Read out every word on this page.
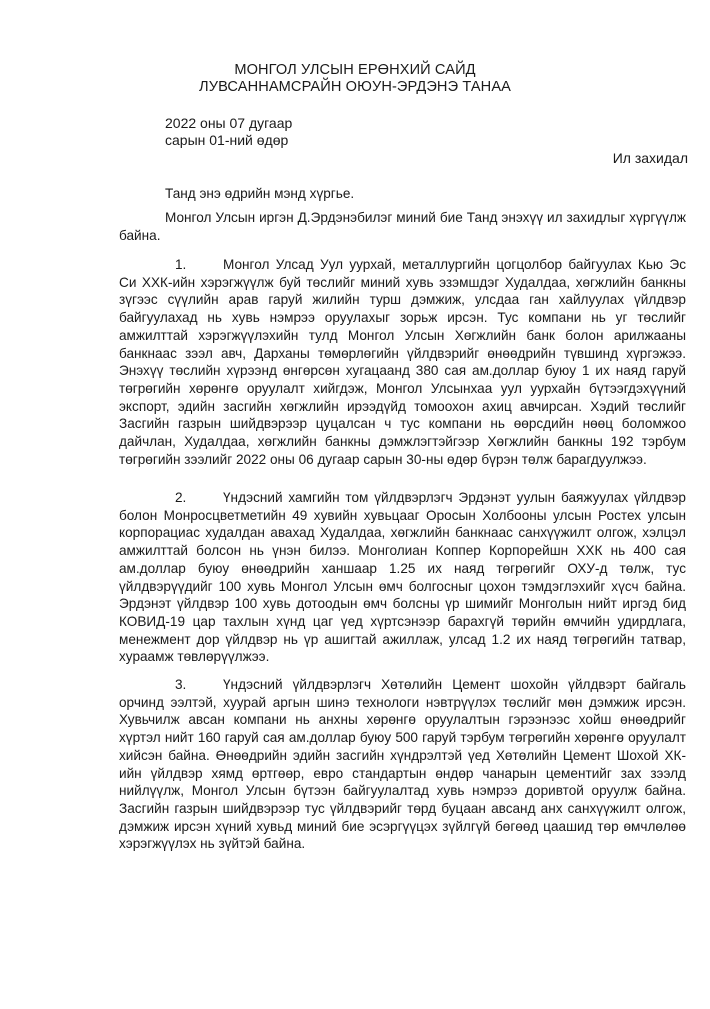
МОНГОЛ УЛСЫН ЕРӨНХИЙ САЙД
ЛУВСАННАМСРАЙН ОЮУН-ЭРДЭНЭ ТАНАА
2022 оны 07 дугаар
сарын 01-ний өдөр
Ил захидал
Танд энэ өдрийн мэнд хүргье.
Монгол Улсын иргэн Д.Эрдэнэбилэг миний бие Танд энэхүү ил захидлыг хүргүүлж байна.
1.	Монгол Улсад Уул уурхай, металлургийн цогцолбор байгуулах Кью Эс Си ХХК-ийн хэрэгжүүлж буй төслийг миний хувь эзэмшдэг Худалдаа, хөгжлийн банкны зүгээс сүүлийн арав гаруй жилийн турш дэмжиж, улсдаа ган хайлуулах үйлдвэр байгуулахад нь хувь нэмрээ оруулахыг зорьж ирсэн. Тус компани нь уг төслийг амжилттай хэрэгжүүлэхийн тулд Монгол Улсын Хөгжлийн банк болон арилжааны банкнаас зээл авч, Дарханы төмөрлөгийн үйлдвэрийг өнөөдрийн түвшинд хүргэжээ. Энэхүү төслийн хүрээнд өнгөрсөн хугацаанд 380 сая ам.доллар буюу 1 их наяд гаруй төгрөгийн хөрөнгө оруулалт хийгдэж, Монгол Улсынхаа уул уурхайн бүтээгдэхүүний экспорт, эдийн засгийн хөгжлийн ирээдүйд томоохон ахиц авчирсан. Хэдий төслийг Засгийн газрын шийдвэрээр цуцалсан ч тус компани нь өөрсдийн нөөц боломжоо дайчлан, Худалдаа, хөгжлийн банкны дэмжлэгтэйгээр Хөгжлийн банкны 192 тэрбум төгрөгийн зээлийг 2022 оны 06 дугаар сарын 30-ны өдөр бүрэн төлж барагдуулжээ.
2.	Үндэсний хамгийн том үйлдвэрлэгч Эрдэнэт уулын баяжуулах үйлдвэр болон Монросцветметийн 49 хувийн хувьцааг Оросын Холбооны улсын Ростех улсын корпорациас худалдан авахад Худалдаа, хөгжлийн банкнаас санхүүжилт олгож, хэлцэл амжилттай болсон нь үнэн билээ. Монголиан Коппер Корпорейшн ХХК нь 400 сая ам.доллар буюу өнөөдрийн ханшаар 1.25 их наяд төгрөгийг ОХУ-д төлж, тус үйлдвэрүүдийг 100 хувь Монгол Улсын өмч болгосныг цохон тэмдэглэхийг хүсч байна. Эрдэнэт үйлдвэр 100 хувь дотоодын өмч болсны үр шимийг Монголын нийт иргэд бид КОВИД-19 цар тахлын хүнд цаг үед хүртсэнээр барахгүй төрийн өмчийн удирдлага, менежмент дор үйлдвэр нь үр ашигтай ажиллаж, улсад 1.2 их наяд төгрөгийн татвар, хураамж төвлөрүүлжээ.
3.	Үндэсний үйлдвэрлэгч Хөтөлийн Цемент шохойн үйлдвэрт байгаль орчинд ээлтэй, хуурай аргын шинэ технологи нэвтрүүлэх төслийг мөн дэмжиж ирсэн. Хувьчилж авсан компани нь анхны хөрөнгө оруулалтын гэрээнээс хойш өнөөдрийг хүртэл нийт 160 гаруй сая ам.доллар буюу 500 гаруй тэрбум төгрөгийн хөрөнгө оруулалт хийсэн байна. Өнөөдрийн эдийн засгийн хүндрэлтэй үед Хөтөлийн Цемент Шохой ХК-ийн үйлдвэр хямд өртгөөр, евро стандартын өндөр чанарын цементийг зах зээлд нийлүүлж, Монгол Улсын бүтээн байгуулалтад хувь нэмрээ доривтой оруулж байна. Засгийн газрын шийдвэрээр тус үйлдвэрийг төрд буцаан авсанд анх санхүүжилт олгож, дэмжиж ирсэн хүний хувьд миний бие эсэргүүцэх зүйлгүй бөгөөд цаашид төр өмчлөлөө хэрэгжүүлэх нь зүйтэй байна.
